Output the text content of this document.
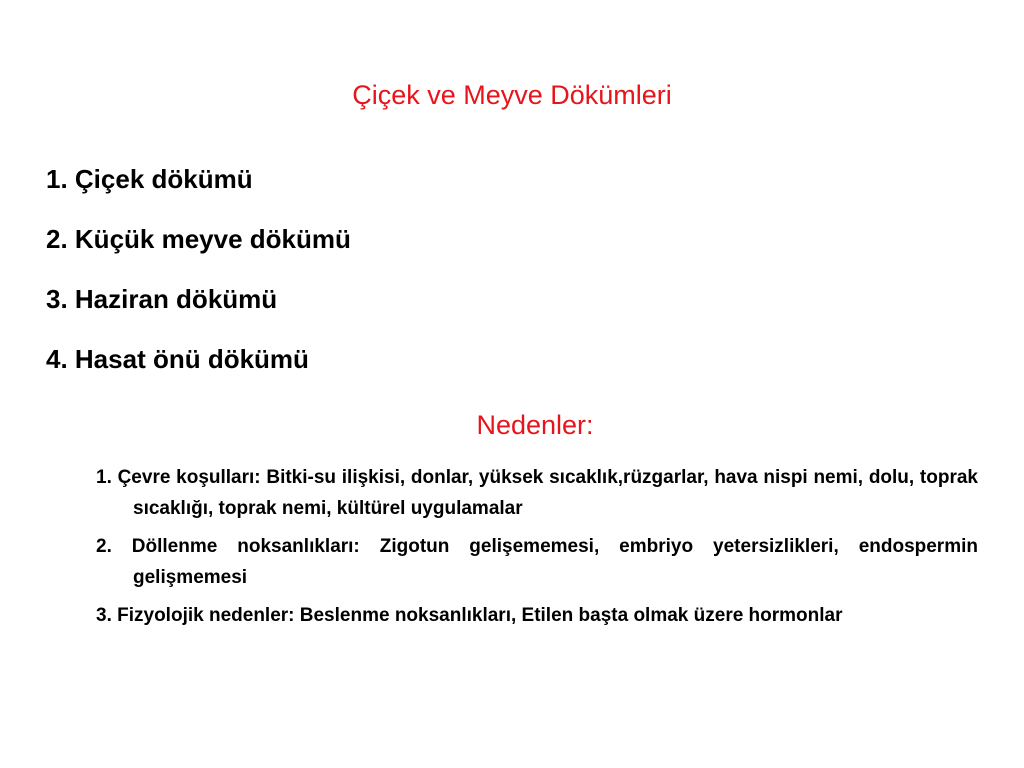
Çiçek ve Meyve Dökümleri
1. Çiçek dökümü
2. Küçük meyve dökümü
3. Haziran dökümü
4. Hasat önü dökümü
Nedenler:
1. Çevre koşulları: Bitki-su ilişkisi, donlar, yüksek sıcaklık,rüzgarlar, hava nispi nemi, dolu, toprak sıcaklığı, toprak nemi, kültürel uygulamalar
2. Döllenme noksanlıkları: Zigotun gelişememesi, embriyo yetersizlikleri, endospermin gelişmemesi
3. Fizyolojik nedenler: Beslenme noksanlıkları, Etilen başta olmak üzere hormonlar
